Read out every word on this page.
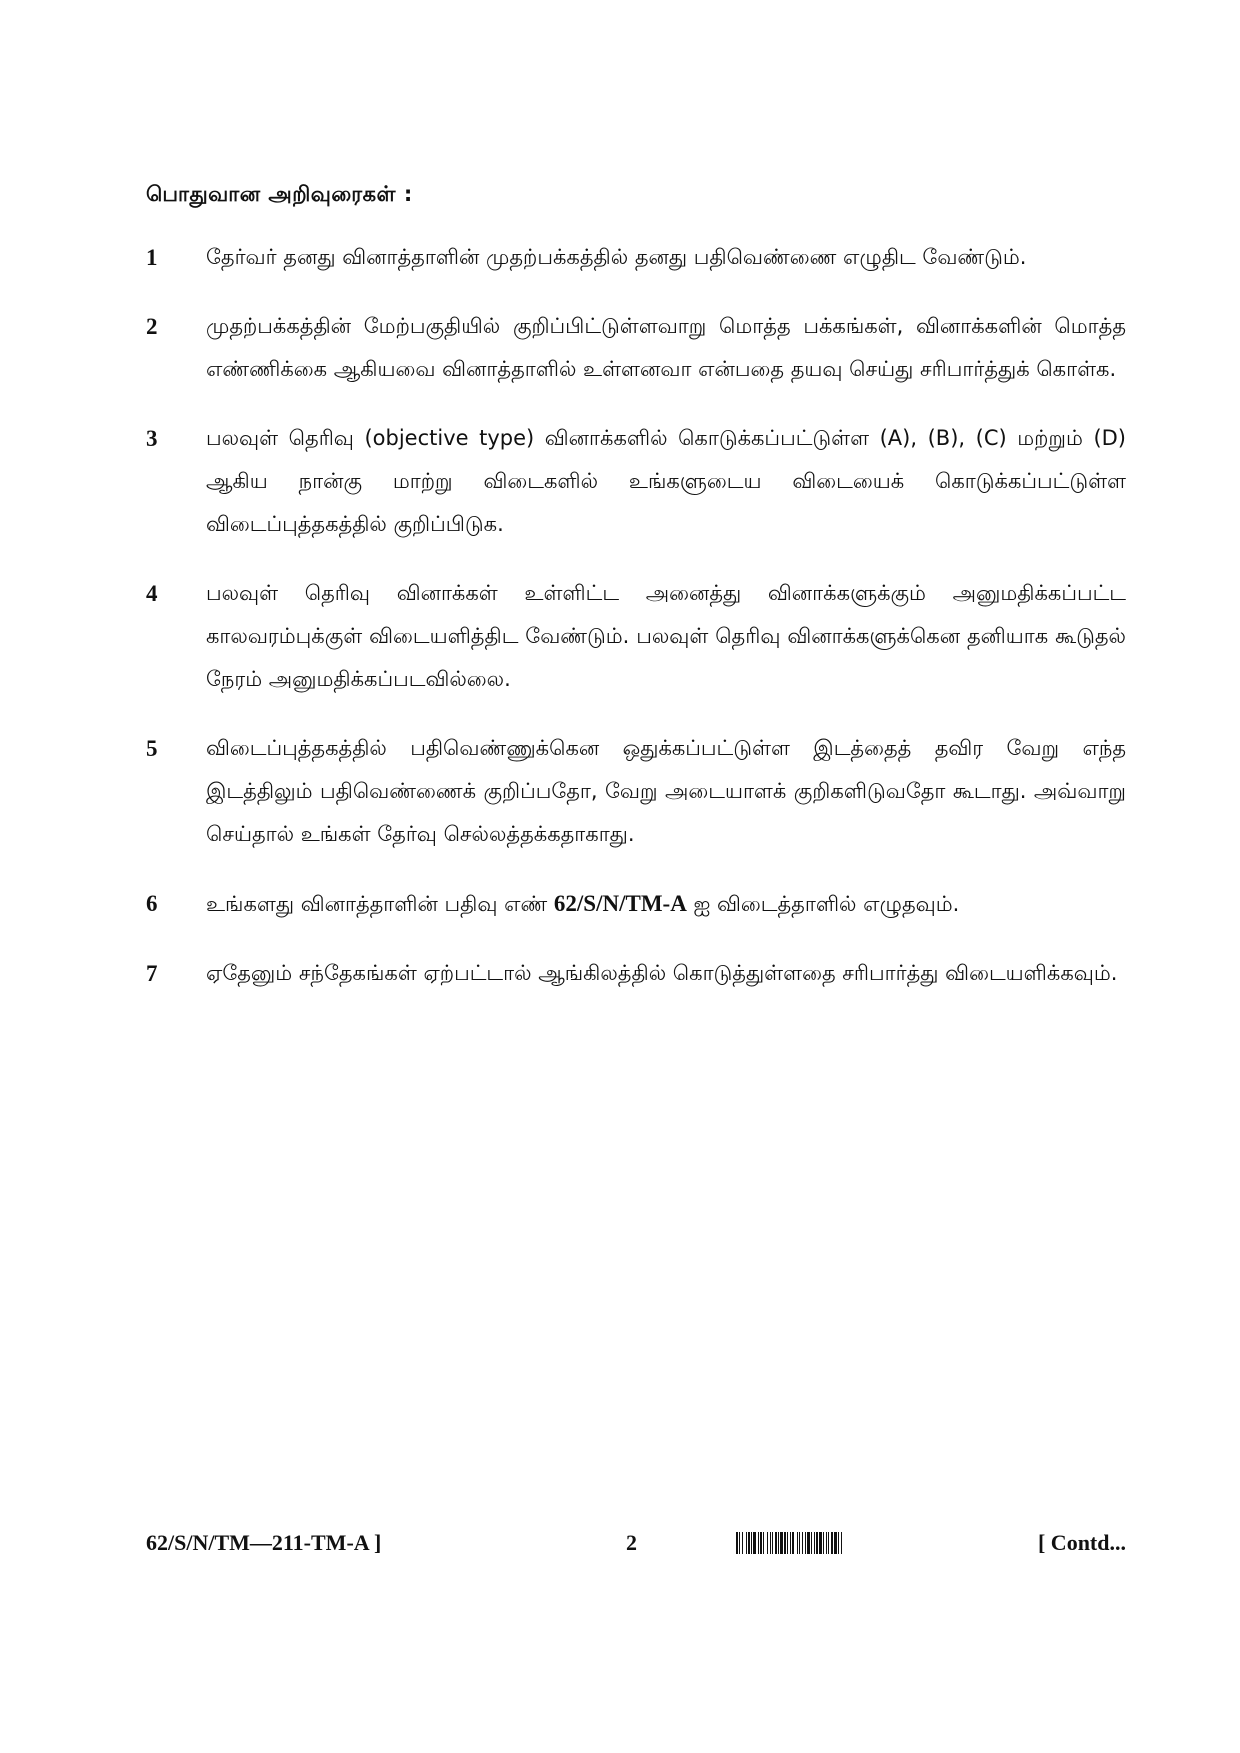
பொதுவான அறிவுரைகள் :
1	தேர்வர் தனது வினாத்தாளின் முதற்பக்கத்தில் தனது பதிவெண்ணை எழுதிட வேண்டும்.
2	முதற்பக்கத்தின் மேற்பகுதியில் குறிப்பிட்டுள்ளவாறு மொத்த பக்கங்கள், வினாக்களின் மொத்த எண்ணிக்கை ஆகியவை வினாத்தாளில் உள்ளனவா என்பதை தயவு செய்து சரிபார்த்துக் கொள்க.
3	பலவுள் தெரிவு (objective type) வினாக்களில் கொடுக்கப்பட்டுள்ள (A), (B), (C) மற்றும் (D) ஆகிய நான்கு மாற்று விடைகளில் உங்களுடைய விடையைக் கொடுக்கப்பட்டுள்ள விடைப்புத்தகத்தில் குறிப்பிடுக.
4	பலவுள் தெரிவு வினாக்கள் உள்ளிட்ட அனைத்து வினாக்களுக்கும் அனுமதிக்கப்பட்ட காலவரம்புக்குள் விடையளித்திட வேண்டும். பலவுள் தெரிவு வினாக்களுக்கென தனியாக கூடுதல் நேரம் அனுமதிக்கப்படவில்லை.
5	விடைப்புத்தகத்தில் பதிவெண்ணுக்கென ஒதுக்கப்பட்டுள்ள இடத்தைத் தவிர வேறு எந்த இடத்திலும் பதிவெண்ணைக் குறிப்பதோ, வேறு அடையாளக் குறிகளிடுவதோ கூடாது. அவ்வாறு செய்தால் உங்கள் தேர்வு செல்லத்தக்கதாகாது.
6	உங்களது வினாத்தாளின் பதிவு எண் 62/S/N/TM-A ஐ விடைத்தாளில் எழுதவும்.
7	ஏதேனும் சந்தேகங்கள் ஏற்பட்டால் ஆங்கிலத்தில் கொடுத்துள்ளதை சரிபார்த்து விடையளிக்கவும்.
62/S/N/TM—211-TM-A ]	2	[ Contd...
